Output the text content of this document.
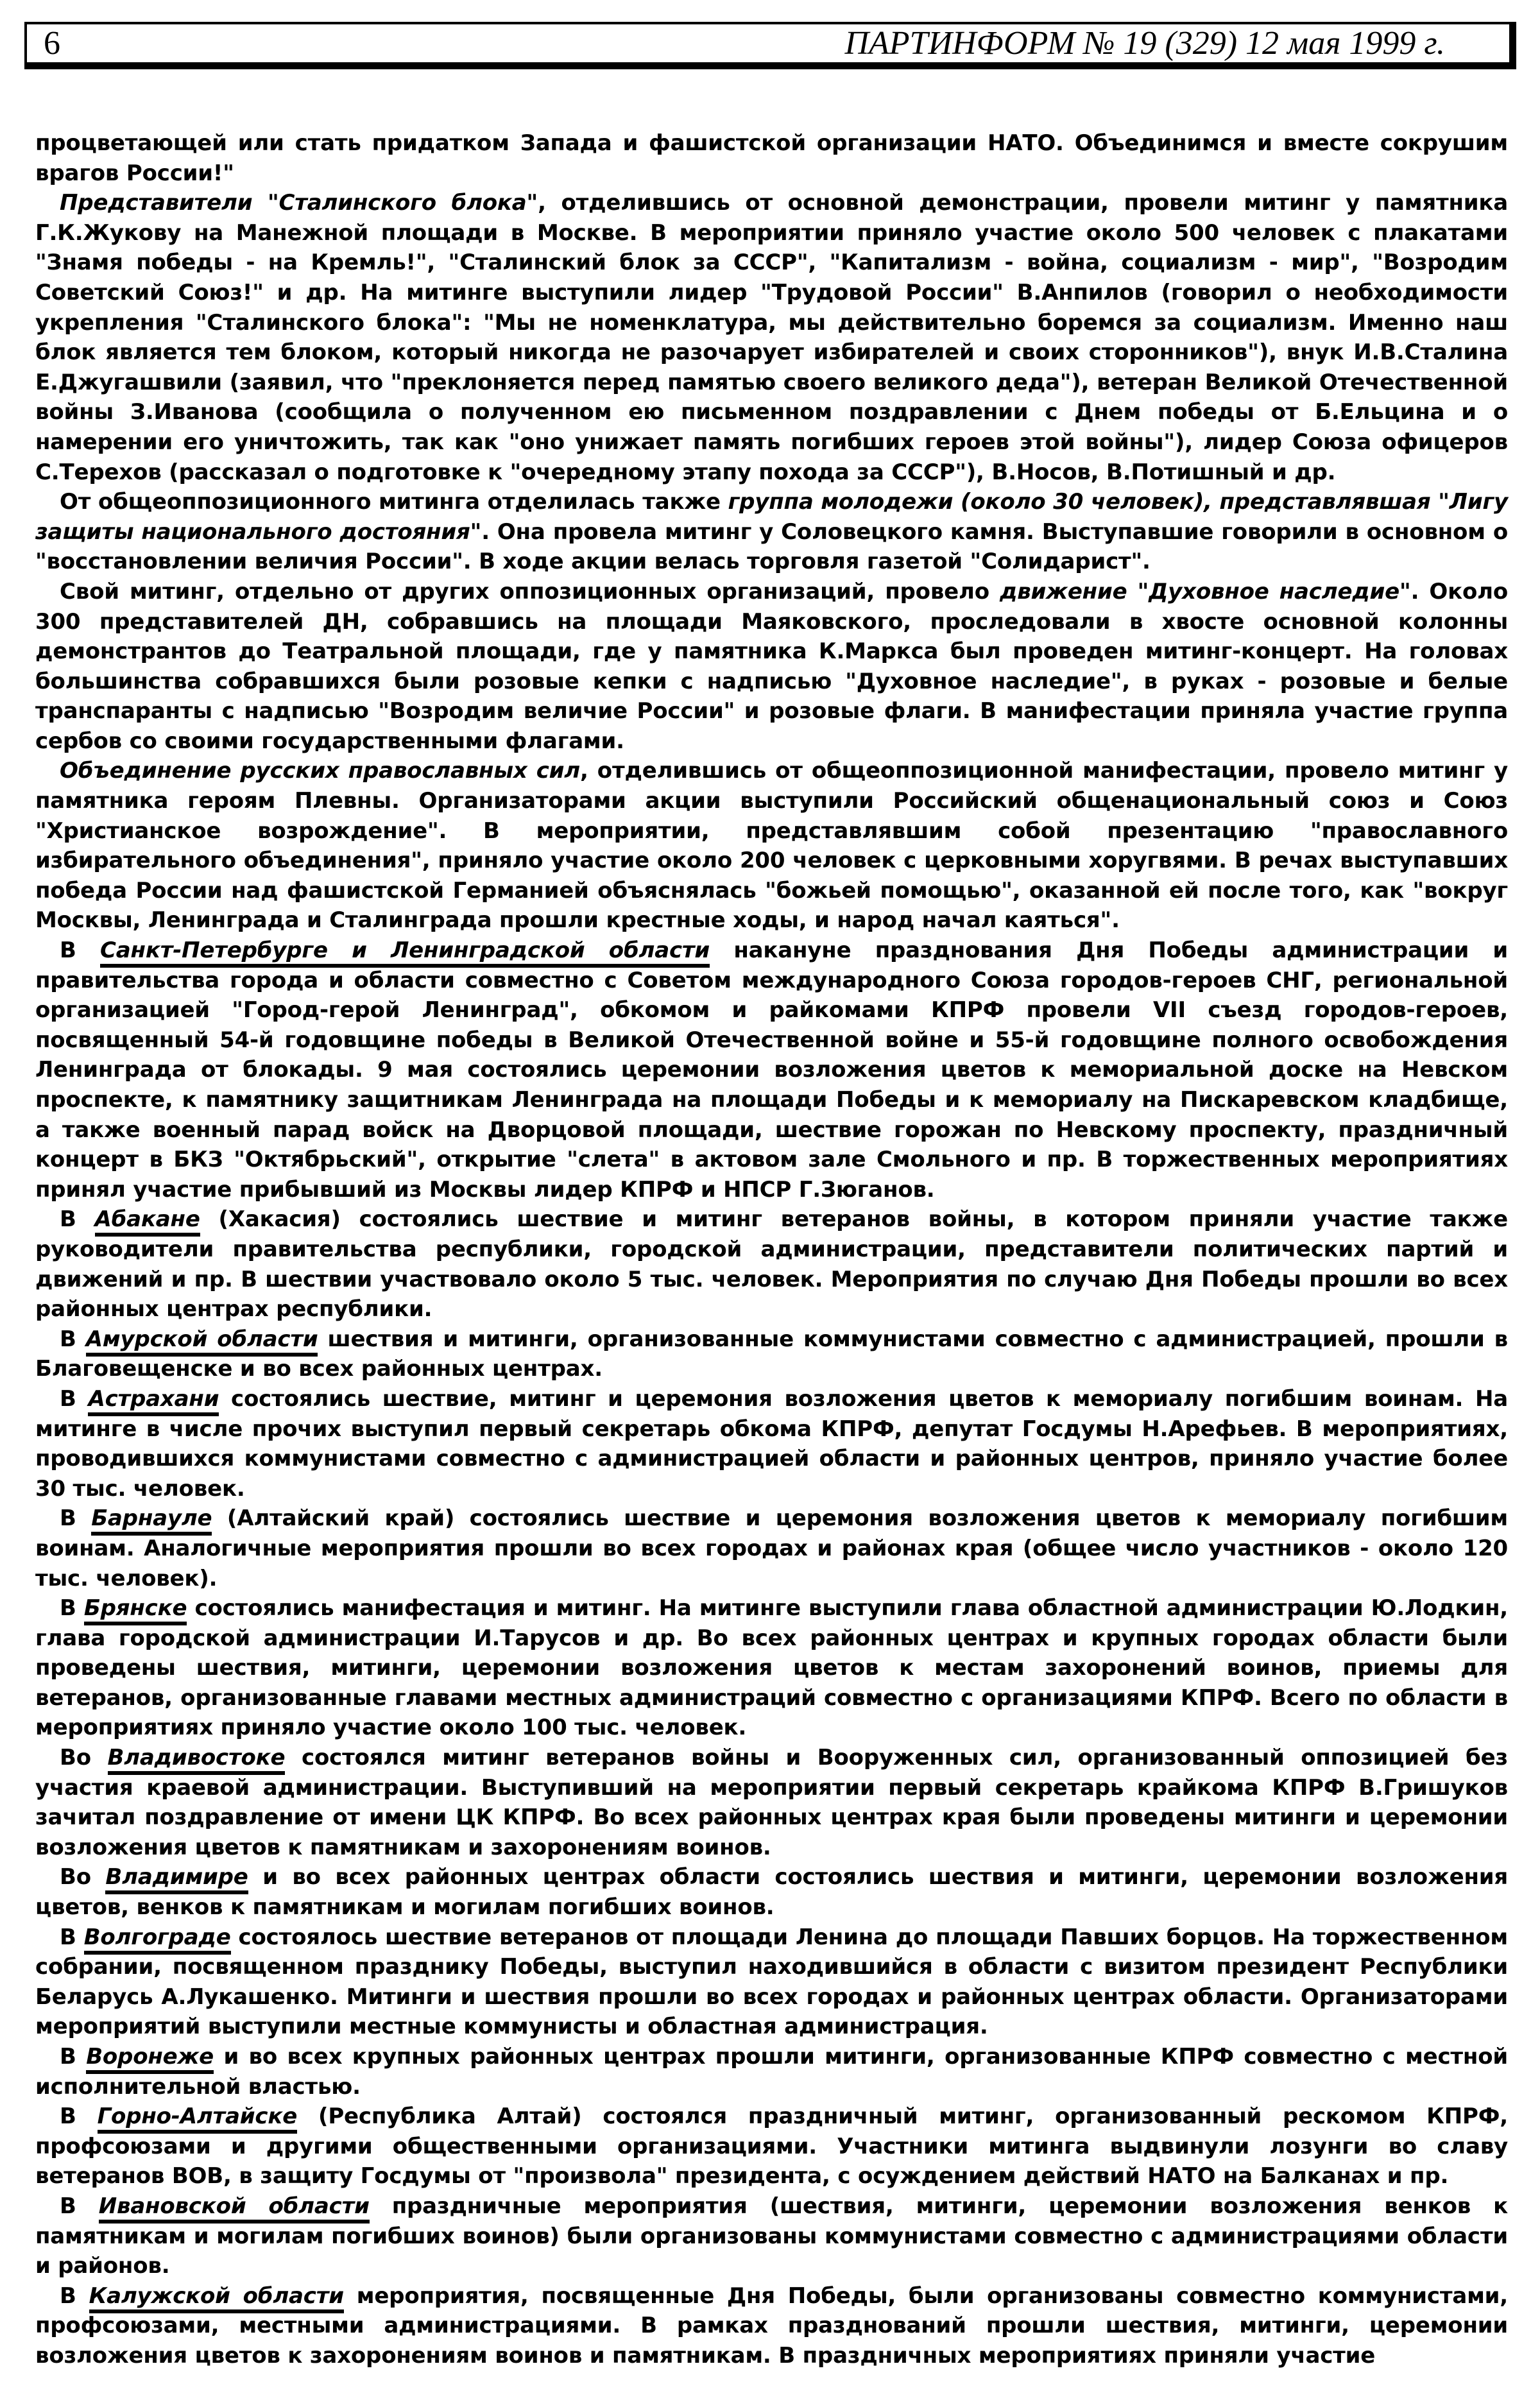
6	ПАРТИНФОРМ № 19 (329) 12 мая 1999 г.

процветающей или стать придатком Запада и фашистской организации НАТО. Объединимся и вместе сокрушим врагов России!"

Представители "Сталинского блока", отделившись от основной демонстрации, провели митинг у памятника Г.К.Жукову на Манежной площади в Москве. В мероприятии приняло участие около 500 человек с плакатами "Знамя победы - на Кремль!", "Сталинский блок за СССР", "Капитализм - война, социализм - мир", "Возродим Советский Союз!" и др. На митинге выступили лидер "Трудовой России" В.Анпилов (говорил о необходимости укрепления "Сталинского блока": "Мы не номенклатура, мы действительно боремся за социализм. Именно наш блок является тем блоком, который никогда не разочарует избирателей и своих сторонников"), внук И.В.Сталина Е.Джугашвили (заявил, что "преклоняется перед памятью своего великого деда"), ветеран Великой Отечественной войны З.Иванова (сообщила о полученном ею письменном поздравлении с Днем победы от Б.Ельцина и о намерении его уничтожить, так как "оно унижает память погибших героев этой войны"), лидер Союза офицеров С.Терехов (рассказал о подготовке к "очередному этапу похода за СССР"), В.Носов, В.Потишный и др.

От общеоппозиционного митинга отделилась также группа молодежи (около 30 человек), представлявшая "Лигу защиты национального достояния". Она провела митинг у Соловецкого камня. Выступавшие говорили в основном о "восстановлении величия России". В ходе акции велась торговля газетой "Солидарист".

Свой митинг, отдельно от других оппозиционных организаций, провело движение "Духовное наследие". Около 300 представителей ДН, собравшись на площади Маяковского, проследовали в хвосте основной колонны демонстрантов до Театральной площади, где у памятника К.Маркса был проведен митинг-концерт. На головах большинства собравшихся были розовые кепки с надписью "Духовное наследие", в руках - розовые и белые транспаранты с надписью "Возродим величие России" и розовые флаги. В манифестации приняла участие группа сербов со своими государственными флагами.

Объединение русских православных сил, отделившись от общеоппозиционной манифестации, провело митинг у памятника героям Плевны. Организаторами акции выступили Российский общенациональный союз и Союз "Христианское возрождение". В мероприятии, представлявшим собой презентацию "православного избирательного объединения", приняло участие около 200 человек с церковными хоругвями. В речах выступавших победа России над фашистской Германией объяснялась "божьей помощью", оказанной ей после того, как "вокруг Москвы, Ленинграда и Сталинграда прошли крестные ходы, и народ начал каяться".

В Санкт-Петербурге и Ленинградской области накануне празднования Дня Победы администрации и правительства города и области совместно с Советом международного Союза городов-героев СНГ, региональной организацией "Город-герой Ленинград", обкомом и райкомами КПРФ провели VII съезд городов-героев, посвященный 54-й годовщине победы в Великой Отечественной войне и 55-й годовщине полного освобождения Ленинграда от блокады. 9 мая состоялись церемонии возложения цветов к мемориальной доске на Невском проспекте, к памятнику защитникам Ленинграда на площади Победы и к мемориалу на Пискаревском кладбище, а также военный парад войск на Дворцовой площади, шествие горожан по Невскому проспекту, праздничный концерт в БКЗ "Октябрьский", открытие "слета" в актовом зале Смольного и пр. В торжественных мероприятиях принял участие прибывший из Москвы лидер КПРФ и НПСР Г.Зюганов.

В Абакане (Хакасия) состоялись шествие и митинг ветеранов войны, в котором приняли участие также руководители правительства республики, городской администрации, представители политических партий и движений и пр. В шествии участвовало около 5 тыс. человек. Мероприятия по случаю Дня Победы прошли во всех районных центрах республики.

В Амурской области шествия и митинги, организованные коммунистами совместно с администрацией, прошли в Благовещенске и во всех районных центрах.

В Астрахани состоялись шествие, митинг и церемония возложения цветов к мемориалу погибшим воинам. На митинге в числе прочих выступил первый секретарь обкома КПРФ, депутат Госдумы Н.Арефьев. В мероприятиях, проводившихся коммунистами совместно с администрацией области и районных центров, приняло участие более 30 тыс. человек.

В Барнауле (Алтайский край) состоялись шествие и церемония возложения цветов к мемориалу погибшим воинам. Аналогичные мероприятия прошли во всех городах и районах края (общее число участников - около 120 тыс. человек).

В Брянске состоялись манифестация и митинг. На митинге выступили глава областной администрации Ю.Лодкин, глава городской администрации И.Тарусов и др. Во всех районных центрах и крупных городах области были проведены шествия, митинги, церемонии возложения цветов к местам захоронений воинов, приемы для ветеранов, организованные главами местных администраций совместно с организациями КПРФ. Всего по области в мероприятиях приняло участие около 100 тыс. человек.

Во Владивостоке состоялся митинг ветеранов войны и Вооруженных сил, организованный оппозицией без участия краевой администрации. Выступивший на мероприятии первый секретарь крайкома КПРФ В.Гришуков зачитал поздравление от имени ЦК КПРФ. Во всех районных центрах края были проведены митинги и церемонии возложения цветов к памятникам и захоронениям воинов.

Во Владимире и во всех районных центрах области состоялись шествия и митинги, церемонии возложения цветов, венков к памятникам и могилам погибших воинов.

В Волгограде состоялось шествие ветеранов от площади Ленина до площади Павших борцов. На торжественном собрании, посвященном празднику Победы, выступил находившийся в области с визитом президент Республики Беларусь А.Лукашенко. Митинги и шествия прошли во всех городах и районных центрах области. Организаторами мероприятий выступили местные коммунисты и областная администрация.

В Воронеже и во всех крупных районных центрах прошли митинги, организованные КПРФ совместно с местной исполнительной властью.

В Горно-Алтайске (Республика Алтай) состоялся праздничный митинг, организованный рескомом КПРФ, профсоюзами и другими общественными организациями. Участники митинга выдвинули лозунги во славу ветеранов ВОВ, в защиту Госдумы от "произвола" президента, с осуждением действий НАТО на Балканах и пр.

В Ивановской области праздничные мероприятия (шествия, митинги, церемонии возложения венков к памятникам и могилам погибших воинов) были организованы коммунистами совместно с администрациями области и районов.

В Калужской области мероприятия, посвященные Дня Победы, были организованы совместно коммунистами, профсоюзами, местными администрациями. В рамках празднований прошли шествия, митинги, церемонии возложения цветов к захоронениям воинов и памятникам. В праздничных мероприятиях приняли участие
